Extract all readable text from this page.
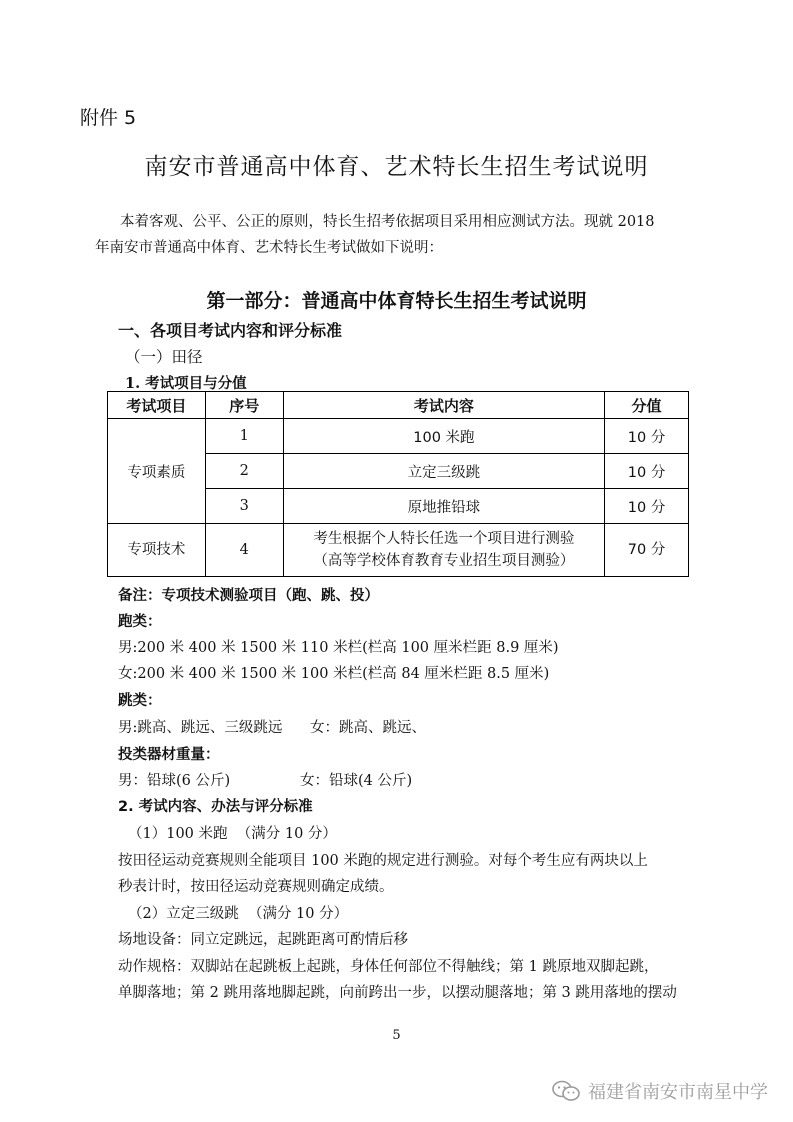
附件 5
南安市普通高中体育、艺术特长生招生考试说明
本着客观、公平、公正的原则，特长生招考依据项目采用相应测试方法。现就 2018
年南安市普通高中体育、艺术特长生考试做如下说明：
第一部分：普通高中体育特长生招生考试说明
一、各项目考试内容和评分标准
（一）田径
1. 考试项目与分值
考试项目	序号	考试内容	分值
专项素质	1	100 米跑	10 分
	2	立定三级跳	10 分
	3	原地推铅球	10 分
专项技术	4	考生根据个人特长任选一个项目进行测验
（高等学校体育教育专业招生项目测验）	70 分
备注：专项技术测验项目（跑、跳、投）
跑类：
男:200 米 400 米 1500 米 110 米栏(栏高 100 厘米栏距 8.9 厘米)
女:200 米 400 米 1500 米 100 米栏(栏高 84 厘米栏距 8.5 厘米)
跳类：
男:跳高、跳远、三级跳远      女：跳高、跳远、
投类器材重量：
男：铅球(6 公斤)	女：铅球(4 公斤)
2. 考试内容、办法与评分标准
（1）100 米跑  （满分 10 分）
按田径运动竞赛规则全能项目 100 米跑的规定进行测验。对每个考生应有两块以上
秒表计时，按田径运动竞赛规则确定成绩。
（2）立定三级跳  （满分 10 分）
场地设备：同立定跳远，起跳距离可酌情后移
动作规格：双脚站在起跳板上起跳，身体任何部位不得触线；第 1 跳原地双脚起跳，
单脚落地；第 2 跳用落地脚起跳，向前跨出一步，以摆动腿落地；第 3 跳用落地的摆动
5
福建省南安市南星中学
